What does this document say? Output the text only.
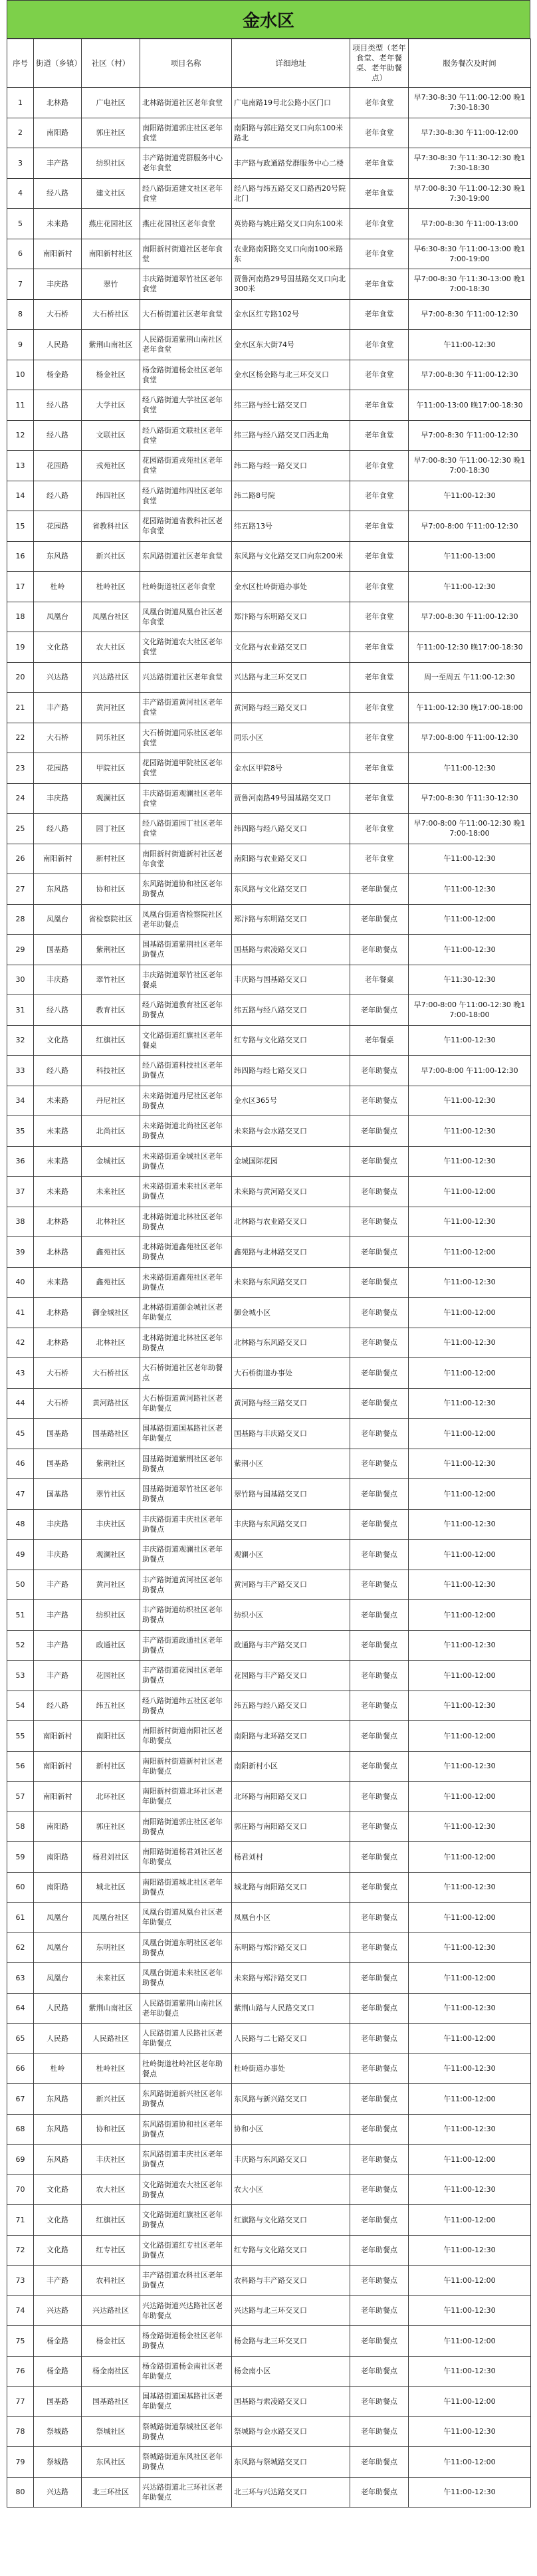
金水区
序号	街道（乡镇）	社区（村）	项目名称	详细地址	项目类型（老年食堂、老年餐桌、老年助餐点）	服务餐次及时间
1	北林路	广电社区	北林路街道社区老年食堂	广电南路19号北公路小区门口	老年食堂	早7:30-8:30 午11:00-12:00 晚17:30-18:30
2	南阳路	郭庄社区	南阳路街道郭庄社区老年食堂	南阳路与郭庄路交叉口向东100米路北	老年食堂	早7:30-8:30 午11:00-12:00
3	丰产路	纺织社区	丰产路街道党群服务中心老年食堂	丰产路与政通路党群服务中心二楼	老年食堂	早7:30-8:30 午11:30-12:30 晚17:30-18:30
4	经八路	建文社区	经八路街道建文社区老年食堂	经八路与纬五路交叉口路西20号院北门	老年食堂	早7:00-8:30 午11:00-12:30 晚17:30-19:00
5	未来路	燕庄花园社区	燕庄花园社区老年食堂	英协路与姚庄路交叉口向东100米	老年食堂	早7:00-8:30 午11:00-13:00
6	南阳新村	南阳新村社区	南阳新村街道社区老年食堂	农业路南阳路交叉口向南100米路东	老年食堂	早6:30-8:30 午11:00-13:00 晚17:00-19:00
7	丰庆路	翠竹	丰庆路街道翠竹社区老年食堂	贾鲁河南路29号国基路交叉口向北300米	老年食堂	早7:00-8:30 午11:30-13:00 晚17:00-18:30
8	大石桥	大石桥社区	大石桥街道社区老年食堂	金水区红专路102号	老年食堂	早7:00-8:30 午11:00-12:30
9	人民路	紫荆山南社区	人民路街道紫荆山南社区老年食堂	金水区东大街74号	老年食堂	午11:00-12:30
10	杨金路	杨金社区	杨金路街道杨金社区老年食堂	金水区杨金路与北三环交叉口	老年食堂	早7:00-8:30 午11:00-12:30
11	经八路	大学社区	经八路街道大学社区老年食堂	纬三路与经七路交叉口	老年食堂	午11:00-13:00 晚17:00-18:30
12	经八路	文联社区	经八路街道文联社区老年食堂	纬三路与经八路交叉口西北角	老年食堂	早7:00-8:30 午11:00-12:30
13	花园路	戎苑社区	花园路街道戎苑社区老年食堂	纬二路与经一路交叉口	老年食堂	早7:00-8:30 午11:00-12:30 晚17:00-18:30
14	经八路	纬四社区	经八路街道纬四社区老年食堂	纬二路8号院	老年食堂	午11:00-12:30
15	花园路	省教科社区	花园路街道省教科社区老年食堂	纬五路13号	老年食堂	早7:00-8:00 午11:00-12:30
16	东风路	新兴社区	东风路街道社区老年食堂	东风路与文化路交叉口向东200米	老年食堂	午11:00-13:00
17	杜岭	杜岭社区	杜岭街道社区老年食堂	金水区杜岭街道办事处	老年食堂	午11:00-12:30
18	凤凰台	凤凰台社区	凤凰台街道凤凰台社区老年食堂	郑汴路与东明路交叉口	老年食堂	早7:00-8:30 午11:00-12:30
19	文化路	农大社区	文化路街道农大社区老年食堂	文化路与农业路交叉口	老年食堂	午11:00-12:30 晚17:00-18:30
20	兴达路	兴达路社区	兴达路街道社区老年食堂	兴达路与北三环交叉口	老年食堂	周一至周五 午11:00-12:30
21	丰产路	黄河社区	丰产路街道黄河社区老年食堂	黄河路与经三路交叉口	老年食堂	午11:00-12:30 晚17:00-18:00
22	大石桥	同乐社区	大石桥街道同乐社区老年食堂	同乐小区	老年食堂	早7:00-8:00 午11:00-12:30
23	花园路	甲院社区	花园路街道甲院社区老年食堂	金水区甲院8号	老年食堂	午11:00-12:30
24	丰庆路	观澜社区	丰庆路街道观澜社区老年食堂	贾鲁河南路49号国基路交叉口	老年食堂	早7:00-8:30 午11:30-12:30
25	经八路	园丁社区	经八路街道园丁社区老年食堂	纬四路与经八路交叉口	老年食堂	早7:00-8:00 午11:00-12:30 晚17:00-18:00
26	南阳新村	新村社区	南阳新村街道新村社区老年食堂	南阳路与农业路交叉口	老年食堂	午11:00-12:30
27	东风路	协和社区	东风路街道协和社区老年助餐点	东风路与文化路交叉口	老年助餐点	午11:00-12:30
28	凤凰台	省检察院社区	凤凰台街道省检察院社区老年助餐点	郑汴路与东明路交叉口	老年助餐点	午11:00-12:00
29	国基路	紫荆社区	国基路街道紫荆社区老年助餐点	国基路与索凌路交叉口	老年助餐点	午11:00-12:30
30	丰庆路	翠竹社区	丰庆路街道翠竹社区老年餐桌	丰庆路与国基路交叉口	老年餐桌	午11:30-12:30
31	经八路	教育社区	经八路街道教育社区老年助餐点	纬五路与经八路交叉口	老年助餐点	早7:00-8:00 午11:00-12:30 晚17:00-18:00
32	文化路	红旗社区	文化路街道红旗社区老年餐桌	红专路与文化路交叉口	老年餐桌	午11:00-12:30
33	经八路	科技社区	经八路街道科技社区老年助餐点	纬四路与经七路交叉口	老年助餐点	早7:00-8:00 午11:00-12:30
34	未来路	丹尼社区	未来路街道丹尼社区老年助餐点	金水区365号	老年助餐点	午11:00-12:30
35	未来路	北尚社区	未来路街道北尚社区老年助餐点	未来路与金水路交叉口	老年助餐点	午11:00-12:30
36	未来路	金城社区	未来路街道金城社区老年助餐点	金城国际花园	老年助餐点	午11:00-12:30
37	未来路	未来社区	未来路街道未来社区老年助餐点	未来路与黄河路交叉口	老年助餐点	午11:00-12:00
38	北林路	北林社区	北林路街道北林社区老年助餐点	北林路与农业路交叉口	老年助餐点	午11:00-12:30
39	北林路	鑫苑社区	北林路街道鑫苑社区老年助餐点	鑫苑路与北林路交叉口	老年助餐点	午11:00-12:00
40	未来路	鑫苑社区	未来路街道鑫苑社区老年助餐点	未来路与东风路交叉口	老年助餐点	午11:00-12:30
41	北林路	御金城社区	北林路街道御金城社区老年助餐点	御金城小区	老年助餐点	午11:00-12:00
42	北林路	北林社区	北林路街道北林社区老年助餐点	北林路与东风路交叉口	老年助餐点	午11:00-12:30
43	大石桥	大石桥社区	大石桥街道社区老年助餐点	大石桥街道办事处	老年助餐点	午11:00-12:00
44	大石桥	黄河路社区	大石桥街道黄河路社区老年助餐点	黄河路与经三路交叉口	老年助餐点	午11:00-12:30
45	国基路	国基路社区	国基路街道国基路社区老年助餐点	国基路与丰庆路交叉口	老年助餐点	午11:00-12:00
46	国基路	紫荆社区	国基路街道紫荆社区老年助餐点	紫荆小区	老年助餐点	午11:00-12:30
47	国基路	翠竹社区	国基路街道翠竹社区老年助餐点	翠竹路与国基路交叉口	老年助餐点	午11:00-12:00
48	丰庆路	丰庆社区	丰庆路街道丰庆社区老年助餐点	丰庆路与东风路交叉口	老年助餐点	午11:00-12:30
49	丰庆路	观澜社区	丰庆路街道观澜社区老年助餐点	观澜小区	老年助餐点	午11:00-12:00
50	丰产路	黄河社区	丰产路街道黄河社区老年助餐点	黄河路与丰产路交叉口	老年助餐点	午11:00-12:30
51	丰产路	纺织社区	丰产路街道纺织社区老年助餐点	纺织小区	老年助餐点	午11:00-12:00
52	丰产路	政通社区	丰产路街道政通社区老年助餐点	政通路与丰产路交叉口	老年助餐点	午11:00-12:30
53	丰产路	花园社区	丰产路街道花园社区老年助餐点	花园路与丰产路交叉口	老年助餐点	午11:00-12:00
54	经八路	纬五社区	经八路街道纬五社区老年助餐点	纬五路与经八路交叉口	老年助餐点	午11:00-12:30
55	南阳新村	南阳社区	南阳新村街道南阳社区老年助餐点	南阳路与北环路交叉口	老年助餐点	午11:00-12:00
56	南阳新村	新村社区	南阳新村街道新村社区老年助餐点	南阳新村小区	老年助餐点	午11:00-12:30
57	南阳新村	北环社区	南阳新村街道北环社区老年助餐点	北环路与南阳路交叉口	老年助餐点	午11:00-12:00
58	南阳路	郭庄社区	南阳路街道郭庄社区老年助餐点	郭庄路与南阳路交叉口	老年助餐点	午11:00-12:30
59	南阳路	杨君刘社区	南阳路街道杨君刘社区老年助餐点	杨君刘村	老年助餐点	午11:00-12:00
60	南阳路	城北社区	南阳路街道城北社区老年助餐点	城北路与南阳路交叉口	老年助餐点	午11:00-12:30
61	凤凰台	凤凰台社区	凤凰台街道凤凰台社区老年助餐点	凤凰台小区	老年助餐点	午11:00-12:00
62	凤凰台	东明社区	凤凰台街道东明社区老年助餐点	东明路与郑汴路交叉口	老年助餐点	午11:00-12:30
63	凤凰台	未来社区	凤凰台街道未来社区老年助餐点	未来路与郑汴路交叉口	老年助餐点	午11:00-12:00
64	人民路	紫荆山南社区	人民路街道紫荆山南社区老年助餐点	紫荆山路与人民路交叉口	老年助餐点	午11:00-12:30
65	人民路	人民路社区	人民路街道人民路社区老年助餐点	人民路与二七路交叉口	老年助餐点	午11:00-12:00
66	杜岭	杜岭社区	杜岭街道杜岭社区老年助餐点	杜岭街道办事处	老年助餐点	午11:00-12:30
67	东风路	新兴社区	东风路街道新兴社区老年助餐点	东风路与新兴路交叉口	老年助餐点	午11:00-12:00
68	东风路	协和社区	东风路街道协和社区老年助餐点	协和小区	老年助餐点	午11:00-12:30
69	东风路	丰庆社区	东风路街道丰庆社区老年助餐点	丰庆路与东风路交叉口	老年助餐点	午11:00-12:00
70	文化路	农大社区	文化路街道农大社区老年助餐点	农大小区	老年助餐点	午11:00-12:30
71	文化路	红旗社区	文化路街道红旗社区老年助餐点	红旗路与文化路交叉口	老年助餐点	午11:00-12:00
72	文化路	红专社区	文化路街道红专社区老年助餐点	红专路与文化路交叉口	老年助餐点	午11:00-12:30
73	丰产路	农科社区	丰产路街道农科社区老年助餐点	农科路与丰产路交叉口	老年助餐点	午11:00-12:00
74	兴达路	兴达路社区	兴达路街道兴达路社区老年助餐点	兴达路与北三环交叉口	老年助餐点	午11:00-12:30
75	杨金路	杨金社区	杨金路街道杨金社区老年助餐点	杨金路与北三环交叉口	老年助餐点	午11:00-12:00
76	杨金路	杨金南社区	杨金路街道杨金南社区老年助餐点	杨金南小区	老年助餐点	午11:00-12:30
77	国基路	国基路社区	国基路街道国基路社区老年助餐点	国基路与索凌路交叉口	老年助餐点	午11:00-12:00
78	祭城路	祭城社区	祭城路街道祭城社区老年助餐点	祭城路与金水路交叉口	老年助餐点	午11:00-12:30
79	祭城路	东风社区	祭城路街道东风社区老年助餐点	东风路与祭城路交叉口	老年助餐点	午11:00-12:00
80	兴达路	北三环社区	兴达路街道北三环社区老年助餐点	北三环与兴达路交叉口	老年助餐点	午11:00-12:30
